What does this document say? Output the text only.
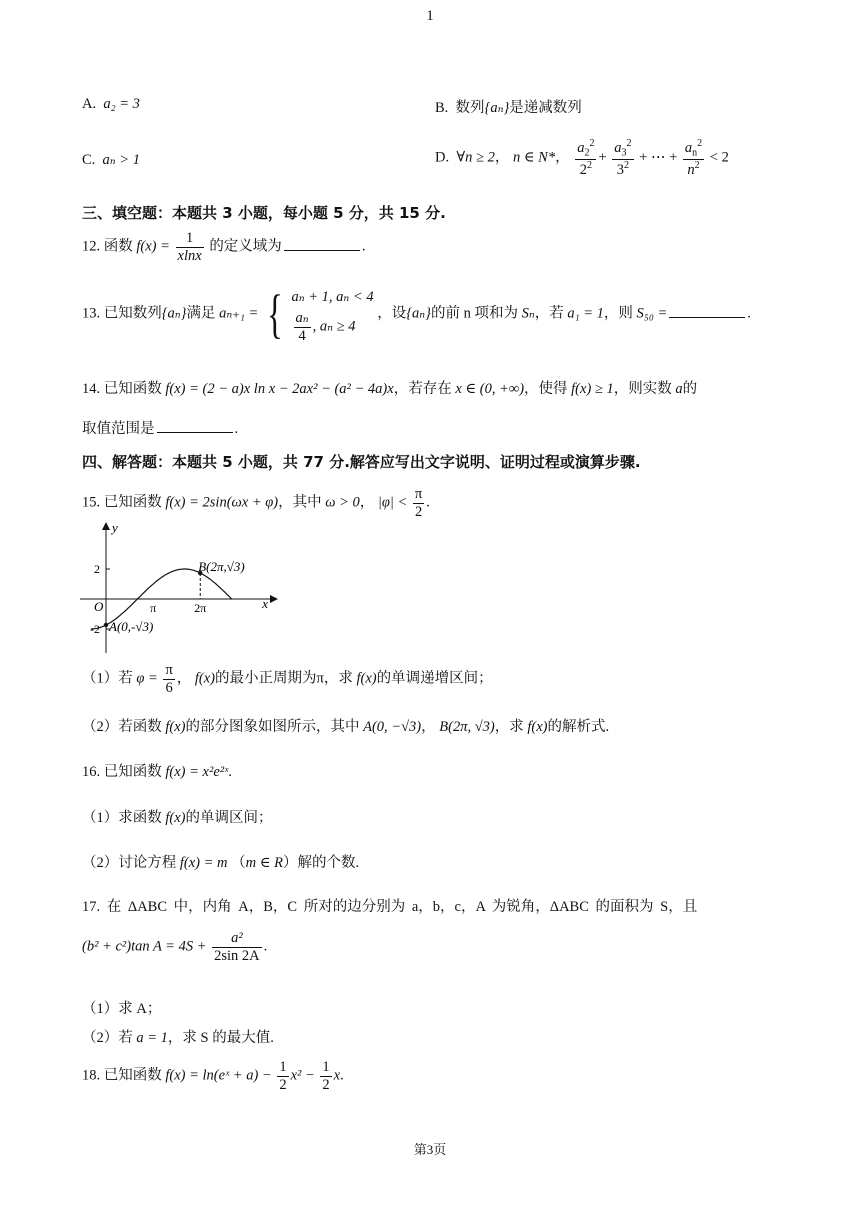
1
A. a₂ = 3	B. 数列{aₙ}是递减数列
C. aₙ > 1	D. ∀n ≥ 2， n ∈ N*， $\frac{a_2^2}{2^2} + \frac{a_3^2}{3^2}$ + ⋯ + $\frac{a_n^2}{n^2} < 2$
三、填空题：本题共 3 小题，每小题 5 分，共 15 分.
12. 函数 $f(x) = \frac{1}{xlnx}$ 的定义域为	.
13. 已知数列{aₙ}满足 aₙ₊₁ = { aₙ + 1, aₙ < 4
$\frac{\text{aₙ}}{4}$ , aₙ ≥ 4
，设{aₙ}的前 n 项和为 Sₙ，若 a₁ = 1，则 S₅₀ =	.
14. 已知函数 f(x) = (2 − a)x ln x − 2ax² − (a² − 4a)x，若存在 x ∈ (0, +∞)，使得 f(x) ≥ 1，则实数 a的
取值范围是	.
四、解答题：本题共 5 小题，共 77 分.解答应写出文字说明、证明过程或演算步骤.
15. 已知函数 f(x) = 2sin(ωx + φ)，其中 ω > 0， $|\varphi| < \frac{\pi}{2}$ .
y
x
O	π	2π
2
-2 A(0,-√3)
B(2π,√3)
（1）若 $\varphi = \frac{\pi}{6}$ ， f(x)的最小正周期为π，求 f(x)的单调递增区间；
（2）若函数 f(x)的部分图象如图所示，其中 A(0, −√3)， B(2π, √3)，求 f(x)的解析式.
16. 已知函数 f(x) = x²e²ˣ.
（1）求函数 f(x)的单调区间；
（2）讨论方程 f(x) = m （m ∈ R）解的个数.
17. 在 ΔABC 中，内角 A，B，C 所对的边分别为 a，b，c，A 为锐角，ΔABC 的面积为 S，且
(b² + c²)tan $A = 4S + \frac{\text{a²}}{2\sin 2A}$ .
（1）求 A；
（2）若 a = 1，求 S 的最大值.
18. 已知函数 f(x) = ln(eˣ + $a) - \frac{1}{2} x^2 - \frac{1}{2} x$.
第3页
